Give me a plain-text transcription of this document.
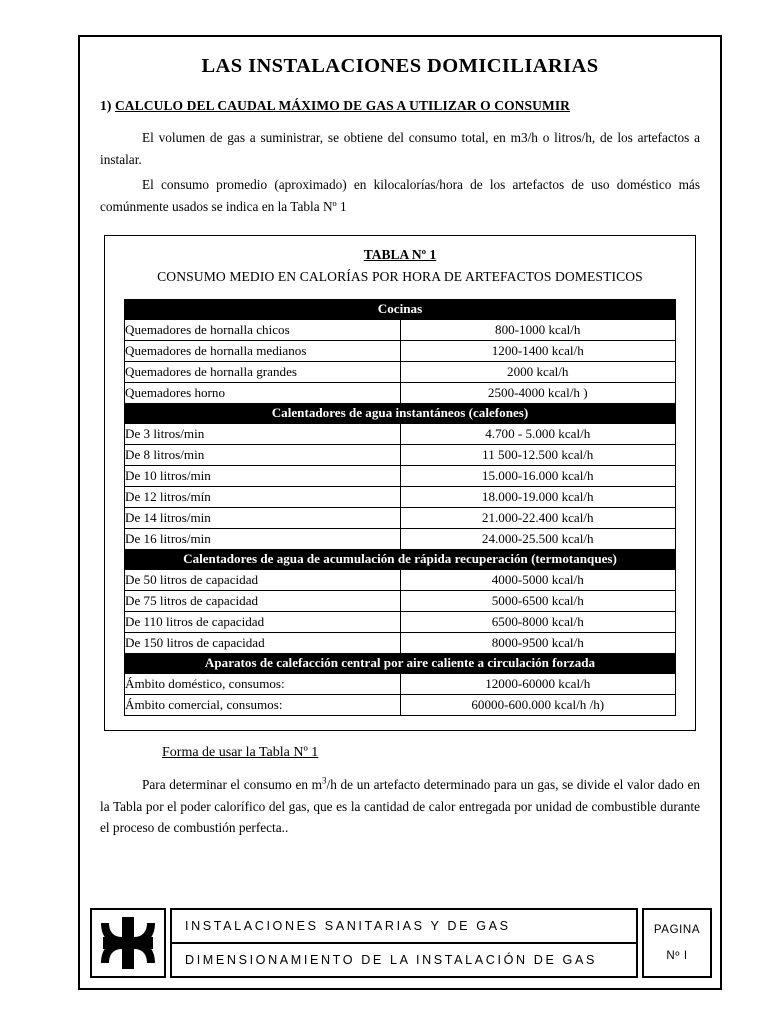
LAS INSTALACIONES DOMICILIARIAS

1) CALCULO DEL CAUDAL MÁXIMO DE GAS A UTILIZAR O CONSUMIR

El volumen de gas a suministrar, se obtiene del consumo total, en m3/h o litros/h, de los artefactos a instalar.

El consumo promedio (aproximado) en kilocalorías/hora de los artefactos de uso doméstico más comúnmente usados se indica en la Tabla Nº 1

TABLA Nº 1
CONSUMO MEDIO EN CALORÍAS POR HORA DE ARTEFACTOS DOMESTICOS
Cocinas	
Quemadores de hornalla chicos	800-1000 kcal/h
Quemadores de hornalla medianos	1200-1400 kcal/h
Quemadores de hornalla grandes	2000 kcal/h
Quemadores horno	2500-4000 kcal/h )
Calentadores de agua instantáneos (calefones)	
De 3 litros/min	4.700 - 5.000 kcal/h
De 8 litros/min	11 500-12.500 kcal/h
De 10 litros/min	15.000-16.000 kcal/h
De 12 litros/mín	18.000-19.000 kcal/h
De 14 litros/min	21.000-22.400 kcal/h
De 16 litros/min	24.000-25.500 kcal/h
Calentadores de agua de acumulación de rápida recuperación (termotanques)	
De 50 litros de capacidad	4000-5000 kcal/h
De 75 litros de capacidad	5000-6500 kcal/h
De 110 litros de capacidad	6500-8000 kcal/h
De 150 litros de capacidad	8000-9500 kcal/h
Aparatos de calefacción central por aire caliente a circulación forzada	
Ámbito doméstico, consumos:	12000-60000 kcal/h
Ámbito comercial, consumos:	60000-600.000 kcal/h /h)

Forma de usar la Tabla Nº 1

Para determinar el consumo en $m^3/h$ de un artefacto determinado para un gas, se divide el valor dado en la Tabla por el poder calorífico del gas, que es la cantidad de calor entregada por unidad de combustible durante el proceso de combustión perfecta..

INSTALACIONES SANITARIAS Y DE GAS
DIMENSIONAMIENTO DE LA INSTALACIÓN DE GAS
PAGINA
Nº I
